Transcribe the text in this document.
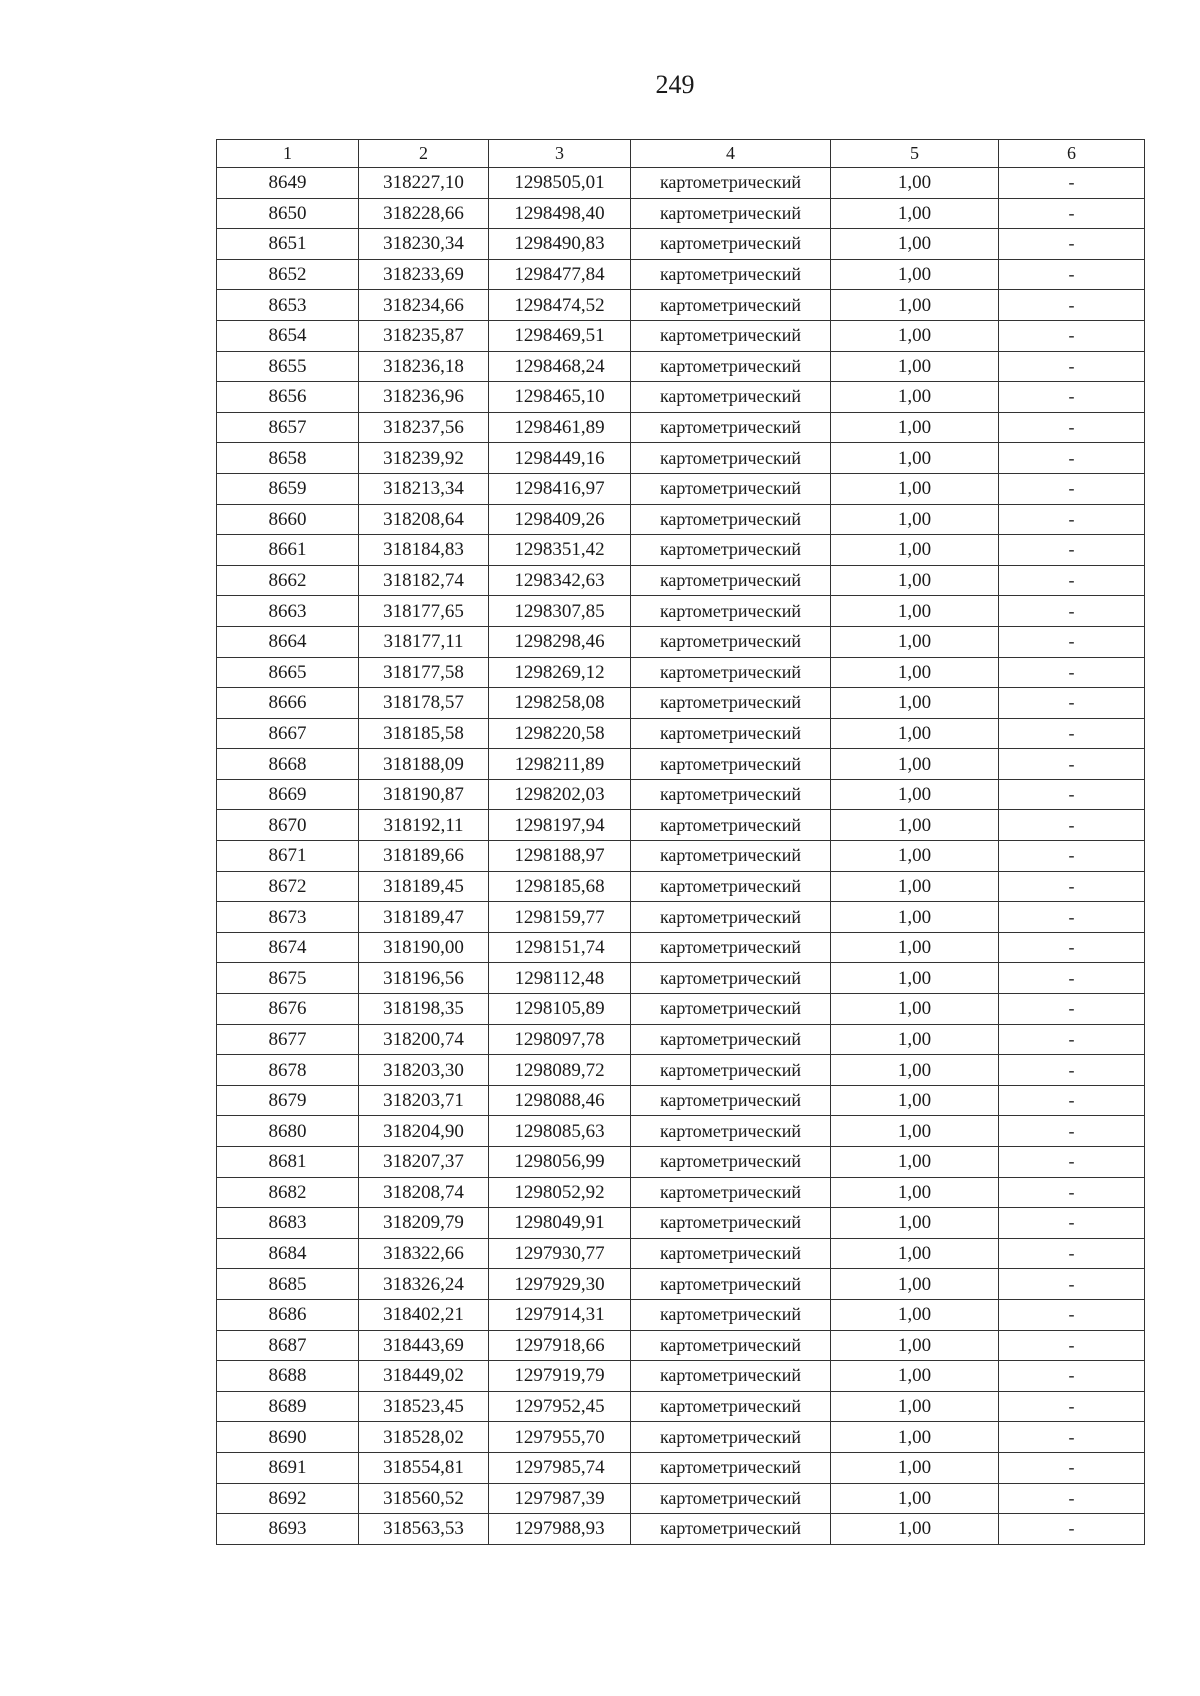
249
1	2	3	4	5	6
8649	318227,10	1298505,01	картометрический	1,00	-
8650	318228,66	1298498,40	картометрический	1,00	-
8651	318230,34	1298490,83	картометрический	1,00	-
8652	318233,69	1298477,84	картометрический	1,00	-
8653	318234,66	1298474,52	картометрический	1,00	-
8654	318235,87	1298469,51	картометрический	1,00	-
8655	318236,18	1298468,24	картометрический	1,00	-
8656	318236,96	1298465,10	картометрический	1,00	-
8657	318237,56	1298461,89	картометрический	1,00	-
8658	318239,92	1298449,16	картометрический	1,00	-
8659	318213,34	1298416,97	картометрический	1,00	-
8660	318208,64	1298409,26	картометрический	1,00	-
8661	318184,83	1298351,42	картометрический	1,00	-
8662	318182,74	1298342,63	картометрический	1,00	-
8663	318177,65	1298307,85	картометрический	1,00	-
8664	318177,11	1298298,46	картометрический	1,00	-
8665	318177,58	1298269,12	картометрический	1,00	-
8666	318178,57	1298258,08	картометрический	1,00	-
8667	318185,58	1298220,58	картометрический	1,00	-
8668	318188,09	1298211,89	картометрический	1,00	-
8669	318190,87	1298202,03	картометрический	1,00	-
8670	318192,11	1298197,94	картометрический	1,00	-
8671	318189,66	1298188,97	картометрический	1,00	-
8672	318189,45	1298185,68	картометрический	1,00	-
8673	318189,47	1298159,77	картометрический	1,00	-
8674	318190,00	1298151,74	картометрический	1,00	-
8675	318196,56	1298112,48	картометрический	1,00	-
8676	318198,35	1298105,89	картометрический	1,00	-
8677	318200,74	1298097,78	картометрический	1,00	-
8678	318203,30	1298089,72	картометрический	1,00	-
8679	318203,71	1298088,46	картометрический	1,00	-
8680	318204,90	1298085,63	картометрический	1,00	-
8681	318207,37	1298056,99	картометрический	1,00	-
8682	318208,74	1298052,92	картометрический	1,00	-
8683	318209,79	1298049,91	картометрический	1,00	-
8684	318322,66	1297930,77	картометрический	1,00	-
8685	318326,24	1297929,30	картометрический	1,00	-
8686	318402,21	1297914,31	картометрический	1,00	-
8687	318443,69	1297918,66	картометрический	1,00	-
8688	318449,02	1297919,79	картометрический	1,00	-
8689	318523,45	1297952,45	картометрический	1,00	-
8690	318528,02	1297955,70	картометрический	1,00	-
8691	318554,81	1297985,74	картометрический	1,00	-
8692	318560,52	1297987,39	картометрический	1,00	-
8693	318563,53	1297988,93	картометрический	1,00	-
